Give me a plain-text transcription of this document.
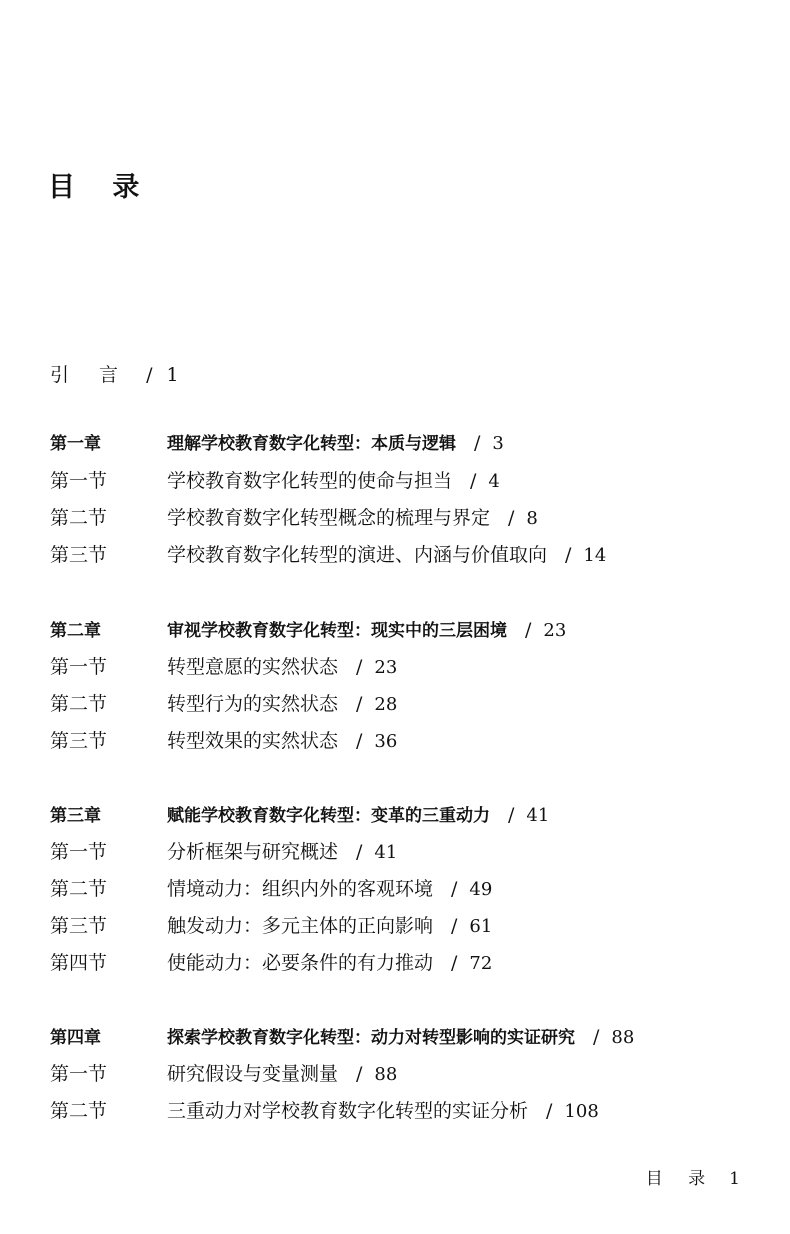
目 录
引 言 / 1
第一章	理解学校教育数字化转型：本质与逻辑 / 3
第一节	学校教育数字化转型的使命与担当 / 4
第二节	学校教育数字化转型概念的梳理与界定 / 8
第三节	学校教育数字化转型的演进、内涵与价值取向 / 14
第二章	审视学校教育数字化转型：现实中的三层困境 / 23
第一节	转型意愿的实然状态 / 23
第二节	转型行为的实然状态 / 28
第三节	转型效果的实然状态 / 36
第三章	赋能学校教育数字化转型：变革的三重动力 / 41
第一节	分析框架与研究概述 / 41
第二节	情境动力：组织内外的客观环境 / 49
第三节	触发动力：多元主体的正向影响 / 61
第四节	使能动力：必要条件的有力推动 / 72
第四章	探索学校教育数字化转型：动力对转型影响的实证研究 / 88
第一节	研究假设与变量测量 / 88
第二节	三重动力对学校教育数字化转型的实证分析 / 108
目 录 1
